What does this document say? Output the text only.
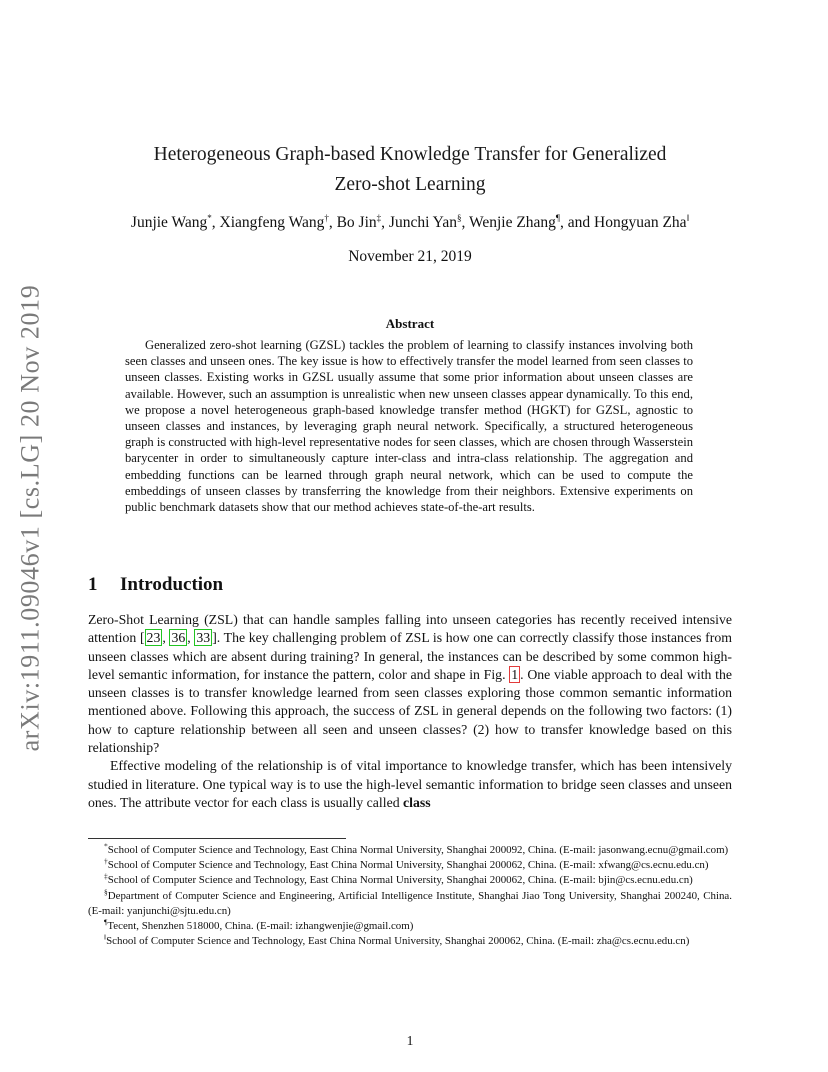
arXiv:1911.09046v1 [cs.LG] 20 Nov 2019
Heterogeneous Graph-based Knowledge Transfer for Generalized
Zero-shot Learning
Junjie Wang*, Xiangfeng Wang†, Bo Jin‡, Junchi Yan§, Wenjie Zhang¶, and Hongyuan Zha‖
November 21, 2019
Abstract

Generalized zero-shot learning (GZSL) tackles the problem of learning to classify instances involving both seen classes and unseen ones. The key issue is how to effectively transfer the model learned from seen classes to unseen classes. Existing works in GZSL usually assume that some prior information about unseen classes are available. However, such an assumption is unrealistic when new unseen classes appear dynamically. To this end, we propose a novel heterogeneous graph-based knowledge transfer method (HGKT) for GZSL, agnostic to unseen classes and instances, by leveraging graph neural network. Specifically, a structured heterogeneous graph is constructed with high-level representative nodes for seen classes, which are chosen through Wasserstein barycenter in order to simultaneously capture inter-class and intra-class relationship. The aggregation and embedding functions can be learned through graph neural network, which can be used to compute the embeddings of unseen classes by transferring the knowledge from their neighbors. Extensive experiments on public benchmark datasets show that our method achieves state-of-the-art results.

1 Introduction

Zero-Shot Learning (ZSL) that can handle samples falling into unseen categories has recently received intensive attention [ 23 , 36 , 33 ]. The key challenging problem of ZSL is how one can correctly classify those instances from unseen classes which are absent during training? In general, the instances can be described by some common high-level semantic information, for instance the pattern, color and shape in Fig. 1 . One viable approach to deal with the unseen classes is to transfer knowledge learned from seen classes exploring those common semantic information mentioned above. Following this approach, the success of ZSL in general depends on the following two factors: (1) how to capture relationship between all seen and unseen classes? (2) how to transfer knowledge based on this relationship?

Effective modeling of the relationship is of vital importance to knowledge transfer, which has been intensively studied in literature. One typical way is to use the high-level semantic information to bridge seen classes and unseen ones. The attribute vector for each class is usually called class

*School of Computer Science and Technology, East China Normal University, Shanghai 200092, China. (E-mail: jasonwang.ecnu@gmail.com)

†School of Computer Science and Technology, East China Normal University, Shanghai 200062, China. (E-mail: xfwang@cs.ecnu.edu.cn)

‡School of Computer Science and Technology, East China Normal University, Shanghai 200062, China. (E-mail: bjin@cs.ecnu.edu.cn)

§Department of Computer Science and Engineering, Artificial Intelligence Institute, Shanghai Jiao Tong University, Shanghai 200240, China. (E-mail: yanjunchi@sjtu.edu.cn)

¶Tecent, Shenzhen 518000, China. (E-mail: izhangwenjie@gmail.com)

‖School of Computer Science and Technology, East China Normal University, Shanghai 200062, China. (E-mail: zha@cs.ecnu.edu.cn)

1
